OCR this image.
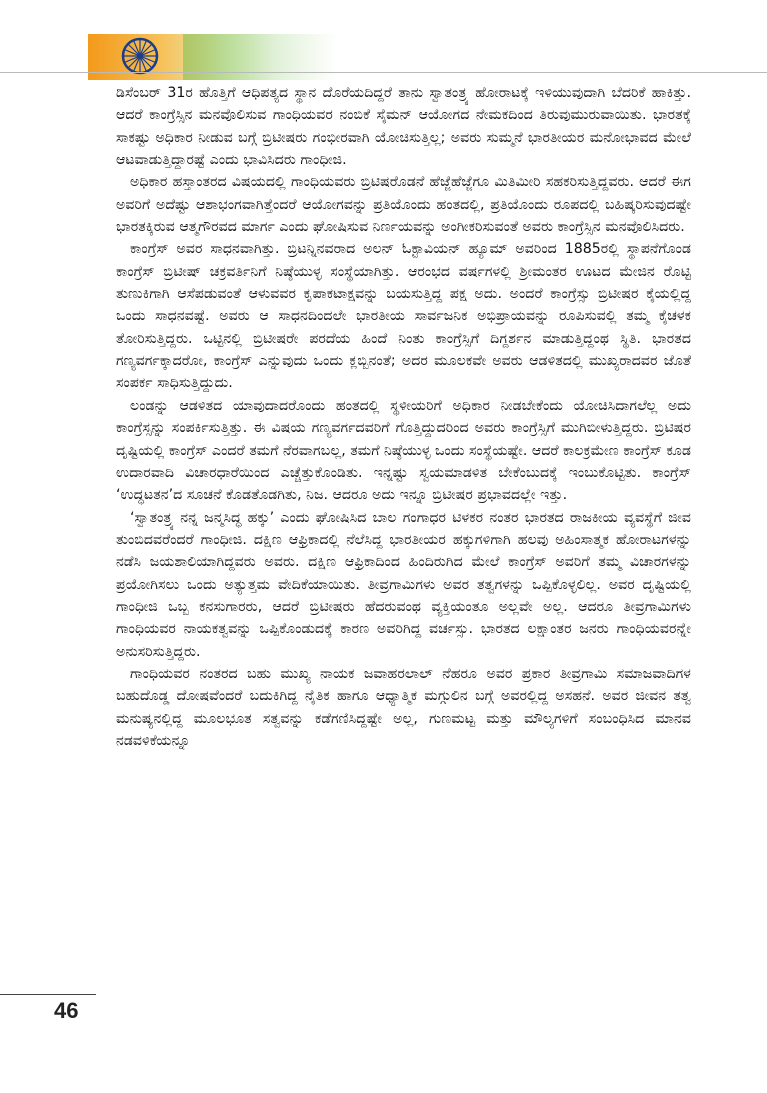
ಡಿಸೆಂಬರ್ 31ರ ಹೊತ್ತಿಗೆ ಆಧಿಪತ್ಯದ ಸ್ಥಾನ ದೊರೆಯದಿದ್ದರೆ ತಾನು ಸ್ವಾತಂತ್ರ್ಯ ಹೋರಾಟಕ್ಕೆ ಇಳಿಯುವುದಾಗಿ ಬೆದರಿಕೆ ಹಾಕಿತ್ತು. ಆದರೆ ಕಾಂಗ್ರೆಸ್ಸಿನ ಮನವೊಲಿಸುವ ಗಾಂಧಿಯವರ ನಂಬಿಕೆ ಸೈಮನ್ ಆಯೋಗದ ನೇಮಕದಿಂದ ತಿರುವುಮುರುವಾಯಿತು. ಭಾರತಕ್ಕೆ ಸಾಕಷ್ಟು ಅಧಿಕಾರ ನೀಡುವ ಬಗ್ಗೆ ಬ್ರಿಟೀಷರು ಗಂಭೀರವಾಗಿ ಯೋಚಿಸುತ್ತಿಲ್ಲ; ಅವರು ಸುಮ್ಮನೆ ಭಾರತೀಯರ ಮನೋಭಾವದ ಮೇಲೆ ಆಟವಾಡುತ್ತಿದ್ದಾರಷ್ಟೆ ಎಂದು ಭಾವಿಸಿದರು ಗಾಂಧೀಜಿ.

ಅಧಿಕಾರ ಹಸ್ತಾಂತರದ ವಿಷಯದಲ್ಲಿ ಗಾಂಧಿಯವರು ಬ್ರಿಟಿಷರೊಡನೆ ಹೆಜ್ಜೆಹೆಜ್ಜೆಗೂ ಮಿತಿಮೀರಿ ಸಹಕರಿಸುತ್ತಿದ್ದವರು. ಆದರೆ ಈಗ ಅವರಿಗೆ ಅದೆಷ್ಟು ಆಶಾಭಂಗವಾಗಿತ್ತೆಂದರೆ ಆಯೋಗವನ್ನು ಪ್ರತಿಯೊಂದು ಹಂತದಲ್ಲಿ, ಪ್ರತಿಯೊಂದು ರೂಪದಲ್ಲಿ ಬಹಿಷ್ಕರಿಸುವುದಷ್ಟೇ ಭಾರತಕ್ಕಿರುವ ಆತ್ಮಗೌರವದ ಮಾರ್ಗ ಎಂದು ಘೋಷಿಸುವ ನಿರ್ಣಯವನ್ನು ಅಂಗೀಕರಿಸುವಂತೆ ಅವರು ಕಾಂಗ್ರೆಸ್ಸಿನ ಮನವೊಲಿಸಿದರು.

ಕಾಂಗ್ರೆಸ್ ಅವರ ಸಾಧನವಾಗಿತ್ತು. ಬ್ರಿಟನ್ನಿನವರಾದ ಅಲನ್ ಓಕ್ಟಾವಿಯನ್ ಹ್ಯೂಮ್ ಅವರಿಂದ 1885ರಲ್ಲಿ ಸ್ಥಾಪನೆಗೊಂಡ ಕಾಂಗ್ರೆಸ್ ಬ್ರಿಟೀಷ್ ಚಕ್ರವರ್ತಿನಿಗೆ ನಿಷ್ಠೆಯುಳ್ಳ ಸಂಸ್ಥೆಯಾಗಿತ್ತು. ಆರಂಭದ ವರ್ಷಗಳಲ್ಲಿ ಶ್ರೀಮಂತರ ಊಟದ ಮೇಜಿನ ರೊಟ್ಟಿ ತುಣುಕಿಗಾಗಿ ಆಸೆಪಡುವಂತೆ ಆಳುವವರ ಕೃಪಾಕಟಾಕ್ಷವನ್ನು ಬಯಸುತ್ತಿದ್ದ ಪಕ್ಷ ಅದು. ಅಂದರೆ ಕಾಂಗ್ರೆಸ್ಸು ಬ್ರಿಟೀಷರ ಕೈಯಲ್ಲಿದ್ದ ಒಂದು ಸಾಧನವಷ್ಟೆ. ಅವರು ಆ ಸಾಧನದಿಂದಲೇ ಭಾರತೀಯ ಸಾರ್ವಜನಿಕ ಅಭಿಪ್ರಾಯವನ್ನು ರೂಪಿಸುವಲ್ಲಿ ತಮ್ಮ ಕೈಚಳಕ ತೋರಿಸುತ್ತಿದ್ದರು. ಒಟ್ಟಿನಲ್ಲಿ ಬ್ರಿಟೀಷರೇ ಪರದೆಯ ಹಿಂದೆ ನಿಂತು ಕಾಂಗ್ರೆಸ್ಸಿಗೆ ದಿಗ್ದರ್ಶನ ಮಾಡುತ್ತಿದ್ದಂಥ ಸ್ಥಿತಿ. ಭಾರತದ ಗಣ್ಯವರ್ಗಕ್ಕಾದರೋ, ಕಾಂಗ್ರೆಸ್ ಎನ್ನುವುದು ಒಂದು ಕ್ಲಬ್ಬಿನಂತೆ; ಅದರ ಮೂಲಕವೇ ಅವರು ಆಡಳಿತದಲ್ಲಿ ಮುಖ್ಯರಾದವರ ಜೊತೆ ಸಂಪರ್ಕ ಸಾಧಿಸುತ್ತಿದ್ದುದು.

ಲಂಡನ್ನು ಆಡಳಿತದ ಯಾವುದಾದರೊಂದು ಹಂತದಲ್ಲಿ ಸ್ಥಳೀಯರಿಗೆ ಅಧಿಕಾರ ನೀಡಬೇಕೆಂದು ಯೋಚಿಸಿದಾಗಲೆಲ್ಲ ಅದು ಕಾಂಗ್ರೆಸ್ಸನ್ನು ಸಂಪರ್ಕಿಸುತ್ತಿತ್ತು. ಈ ವಿಷಯ ಗಣ್ಯವರ್ಗದವರಿಗೆ ಗೊತ್ತಿದ್ದುದರಿಂದ ಅವರು ಕಾಂಗ್ರೆಸ್ಸಿಗೆ ಮುಗಿಬೀಳುತ್ತಿದ್ದರು. ಬ್ರಿಟಿಷರ ದೃಷ್ಟಿಯಲ್ಲಿ ಕಾಂಗ್ರೆಸ್ ಎಂದರೆ ತಮಗೆ ನೆರವಾಗಬಲ್ಲ, ತಮಗೆ ನಿಷ್ಠೆಯುಳ್ಳ ಒಂದು ಸಂಸ್ಥೆಯಷ್ಟೇ. ಆದರೆ ಕಾಲಕ್ರಮೇಣ ಕಾಂಗ್ರೆಸ್ ಕೂಡ ಉದಾರವಾದಿ ವಿಚಾರಧಾರೆಯಿಂದ ಎಚ್ಚೆತ್ತುಕೊಂಡಿತು. ಇನ್ನಷ್ಟು ಸ್ವಯಮಾಡಳಿತ ಬೇಕೆಂಬುದಕ್ಕೆ ಇಂಬುಕೊಟ್ಟಿತು. ಕಾಂಗ್ರೆಸ್ ‘ಉದ್ಧಟತನ’ದ ಸೂಚನೆ ಕೊಡತೊಡಗಿತು, ನಿಜ. ಆದರೂ ಅದು ಇನ್ನೂ ಬ್ರಿಟೀಷರ ಪ್ರಭಾವದಲ್ಲೇ ಇತ್ತು.

‘ಸ್ವಾತಂತ್ರ್ಯ ನನ್ನ ಜನ್ಮಸಿದ್ಧ ಹಕ್ಕು’ ಎಂದು ಘೋಷಿಸಿದ ಬಾಲ ಗಂಗಾಧರ ಟಿಳಕರ ನಂತರ ಭಾರತದ ರಾಜಕೀಯ ವ್ಯವಸ್ಥೆಗೆ ಜೀವ ತುಂಬಿದವರೆಂದರೆ ಗಾಂಧೀಜಿ. ದಕ್ಷಿಣ ಆಫ್ರಿಕಾದಲ್ಲಿ ನೆಲೆಸಿದ್ದ ಭಾರತೀಯರ ಹಕ್ಕುಗಳಿಗಾಗಿ ಹಲವು ಅಹಿಂಸಾತ್ಮಕ ಹೋರಾಟಗಳನ್ನು ನಡೆಸಿ ಜಯಶಾಲಿಯಾಗಿದ್ದವರು ಅವರು. ದಕ್ಷಿಣ ಆಫ್ರಿಕಾದಿಂದ ಹಿಂದಿರುಗಿದ ಮೇಲೆ ಕಾಂಗ್ರೆಸ್ ಅವರಿಗೆ ತಮ್ಮ ವಿಚಾರಗಳನ್ನು ಪ್ರಯೋಗಿಸಲು ಒಂದು ಅತ್ಯುತ್ತಮ ವೇದಿಕೆಯಾಯಿತು. ತೀವ್ರಗಾಮಿಗಳು ಅವರ ತತ್ವಗಳನ್ನು ಒಪ್ಪಿಕೊಳ್ಳಲಿಲ್ಲ. ಅವರ ದೃಷ್ಟಿಯಲ್ಲಿ ಗಾಂಧೀಜಿ ಒಬ್ಬ ಕನಸುಗಾರರು, ಆದರೆ ಬ್ರಿಟೀಷರು ಹೆದರುವಂಥ ವ್ಯಕ್ತಿಯಂತೂ ಅಲ್ಲವೇ ಅಲ್ಲ. ಆದರೂ ತೀವ್ರಗಾಮಿಗಳು ಗಾಂಧಿಯವರ ನಾಯಕತ್ವವನ್ನು ಒಪ್ಪಿಕೊಂಡುದಕ್ಕೆ ಕಾರಣ ಅವರಿಗಿದ್ದ ವರ್ಚಸ್ಸು. ಭಾರತದ ಲಕ್ಷಾಂತರ ಜನರು ಗಾಂಧಿಯವರನ್ನೇ ಅನುಸರಿಸುತ್ತಿದ್ದರು.

ಗಾಂಧಿಯವರ ನಂತರದ ಬಹು ಮುಖ್ಯ ನಾಯಕ ಜವಾಹರಲಾಲ್ ನೆಹರೂ ಅವರ ಪ್ರಕಾರ ತೀವ್ರಗಾಮಿ ಸಮಾಜವಾದಿಗಳ ಬಹುದೊಡ್ಡ ದೋಷವೆಂದರೆ ಬದುಕಿಗಿದ್ದ ನೈತಿಕ ಹಾಗೂ ಆಧ್ಯಾತ್ಮಿಕ ಮಗ್ಗುಲಿನ ಬಗ್ಗೆ ಅವರಲ್ಲಿದ್ದ ಅಸಹನೆ. ಅವರ ಜೀವನ ತತ್ವ ಮನುಷ್ಯನಲ್ಲಿದ್ದ ಮೂಲಭೂತ ಸತ್ವವನ್ನು ಕಡೆಗಣಿಸಿದ್ದಷ್ಟೇ ಅಲ್ಲ, ಗುಣಮಟ್ಟ ಮತ್ತು ಮೌಲ್ಯಗಳಿಗೆ ಸಂಬಂಧಿಸಿದ ಮಾನವ ನಡವಳಿಕೆಯನ್ನೂ

46
